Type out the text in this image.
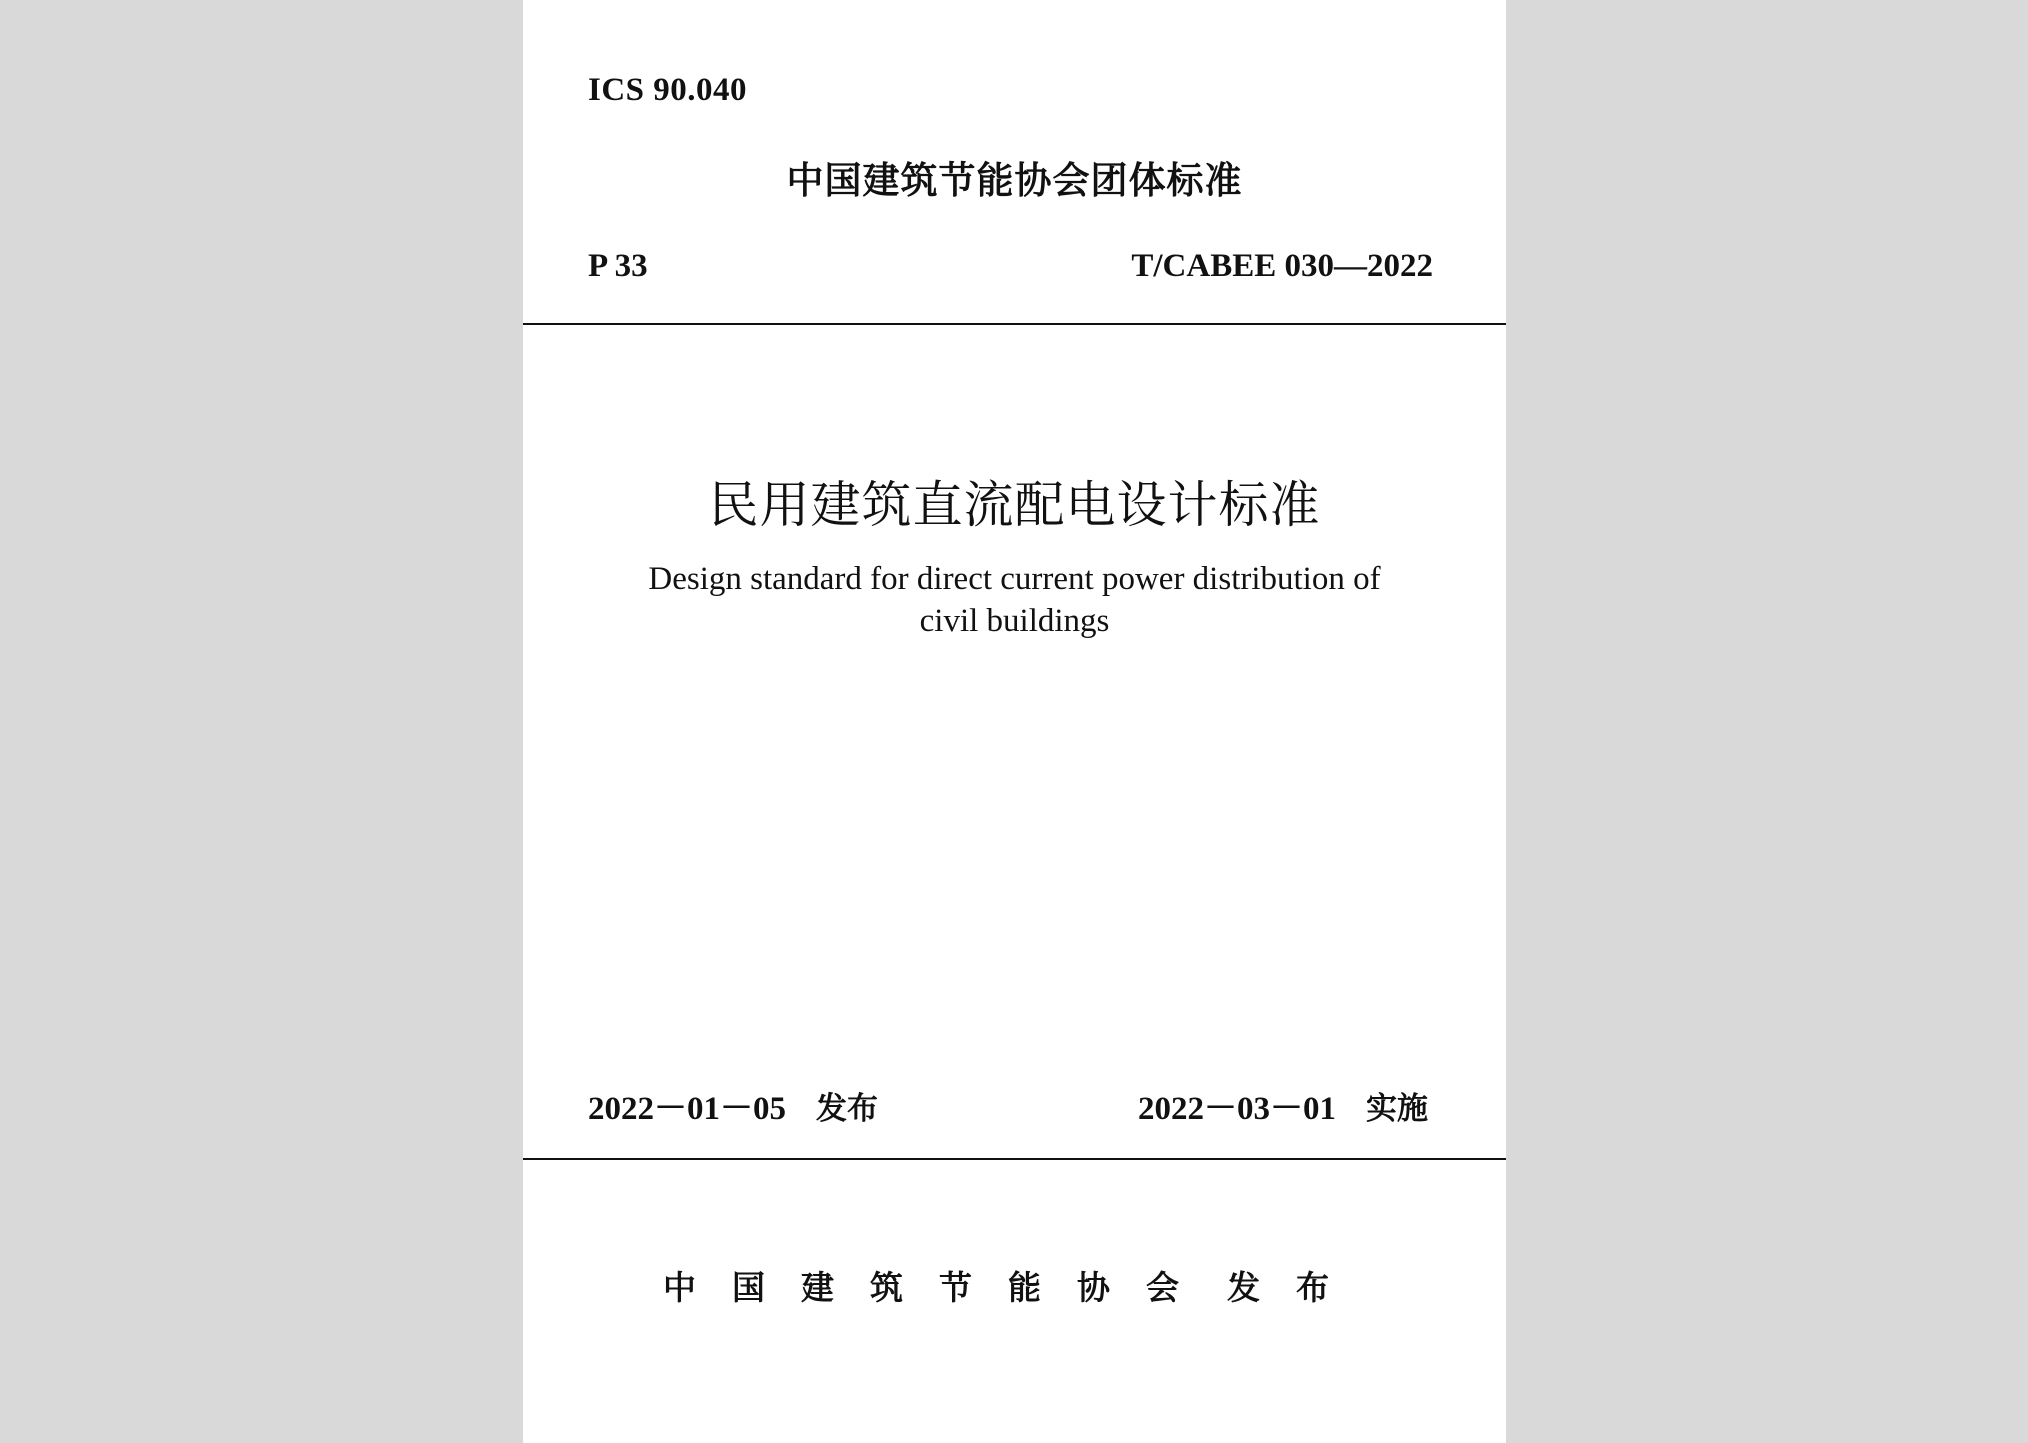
ICS 90.040

中国建筑节能协会团体标准

P 33	T/CABEE 030—2022

民用建筑直流配电设计标准

Design standard for direct current power distribution of
civil buildings

2022－01－05 发布	2022－03－01 实施

中国建筑节能协会 发布
